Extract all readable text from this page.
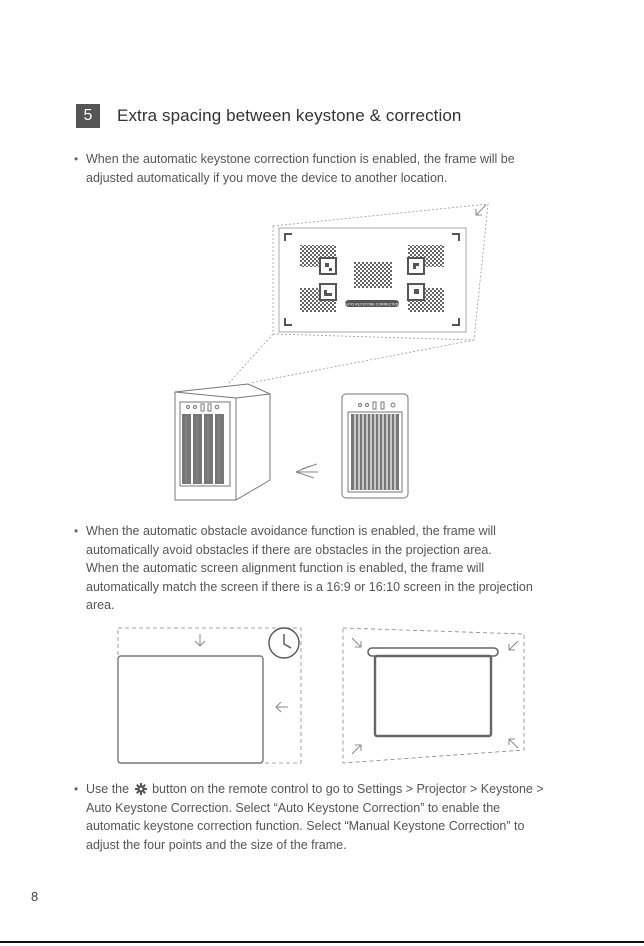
5	Extra spacing between keystone & correction
• When the automatic keystone correction function is enabled, the frame will be
adjusted automatically if you move the device to another location.
• When the automatic obstacle avoidance function is enabled, the frame will
automatically avoid obstacles if there are obstacles in the projection area.
When the automatic screen alignment function is enabled, the frame will
automatically match the screen if there is a 16:9 or 16:10 screen in the projection
area.
• Use the button on the remote control to go to Settings > Projector > Keystone >
Auto Keystone Correction. Select “Auto Keystone Correction” to enable the
automatic keystone correction function. Select “Manual Keystone Correction” to
adjust the four points and the size of the frame.
AUTO KEYSTONE CORRECTION
8
